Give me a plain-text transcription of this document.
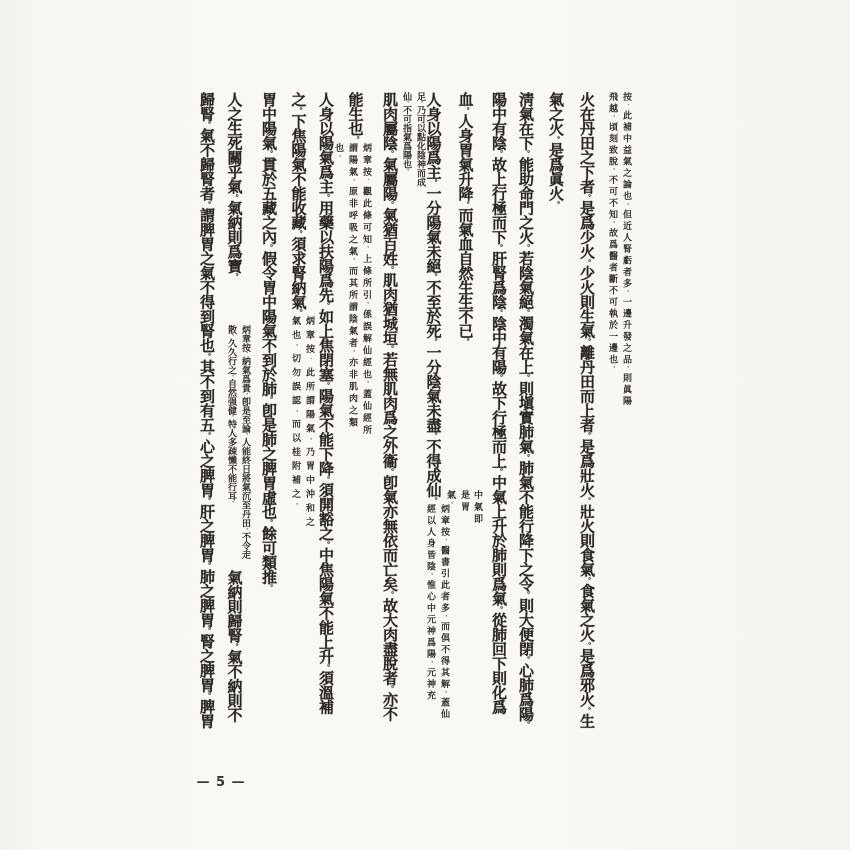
— 5 —
按、此補中益氣之論也。但近人腎虧者多。一邊升發之品。則眞陽飛越。頃刻致脫。不可不知。故爲醫者斷不可執於一邊也。
火在丹田之下者。是爲少火。少火則生氣。離丹田而上者。是爲壯火。壯火則食氣。食氣之火。是爲邪火。生
氣之火。是爲眞火。
淸氣在下。能助命門之火。若陰氣絕。濁氣在上。則塡實肺氣。肺氣不能行降下之令。則大便閉。心肺爲陽。
陽中有陰。故上行極而下。肝腎爲陰。陰中有陽。故下行極而上。中氣上升於肺則爲氣。從肺回下則化爲
血。人身胃氣升降。而氣血自然生生不已。中氣即是胃氣。
人身以陽爲主。一分陽氣未絕。不至於死。一分陰氣未盡。不得成仙。炳章按、醫書引此者多。而俱不得其解。蓋仙經以人身皆陰。惟心中元神爲陽。元神充
足。乃可以點化陰神而成仙。不可指氣爲陽也。
肌肉屬陰。氣屬陽。氣猶百姓。肌肉猶城垣。若無肌肉爲之外衞。卽氣亦無依而亡矣。故大肉盡脫者。亦不
能生也。炳章按、觀此條可知。上條所引。係誤解仙經也。蓋仙經所謂陽氣。原非呼吸之氣。而其所謂陰氣者。亦非肌肉之類也。
人身以陽氣爲主。用藥以扶陽爲先。如上焦閉塞。陽氣不能下降。須開豁之。中焦陽氣不能上升。須溫補
之。下焦陽氣不能收藏。須求腎納氣。炳章按、此所謂陽氣。乃胃中沖和之氣也。切勿誤認。而以桂附補之。
胃中陽氣。貫於五藏之內。假令胃中陽氣不到於肺。卽是肺之脾胃虛也。餘可類推。
人之生死關乎氣。氣納則爲寶。炳章按、納氣爲貴。卽是至論。人能終日將氣沉至丹田。不令走散。久久行之。自然强健。特人多疎懶不能行耳。氣納則歸腎。氣不納則不
歸腎。氣不歸腎者。謂脾胃之氣不得到腎也。其不到有五。心之脾胃。肝之脾胃。肺之脾胃。腎之脾胃。脾胃
